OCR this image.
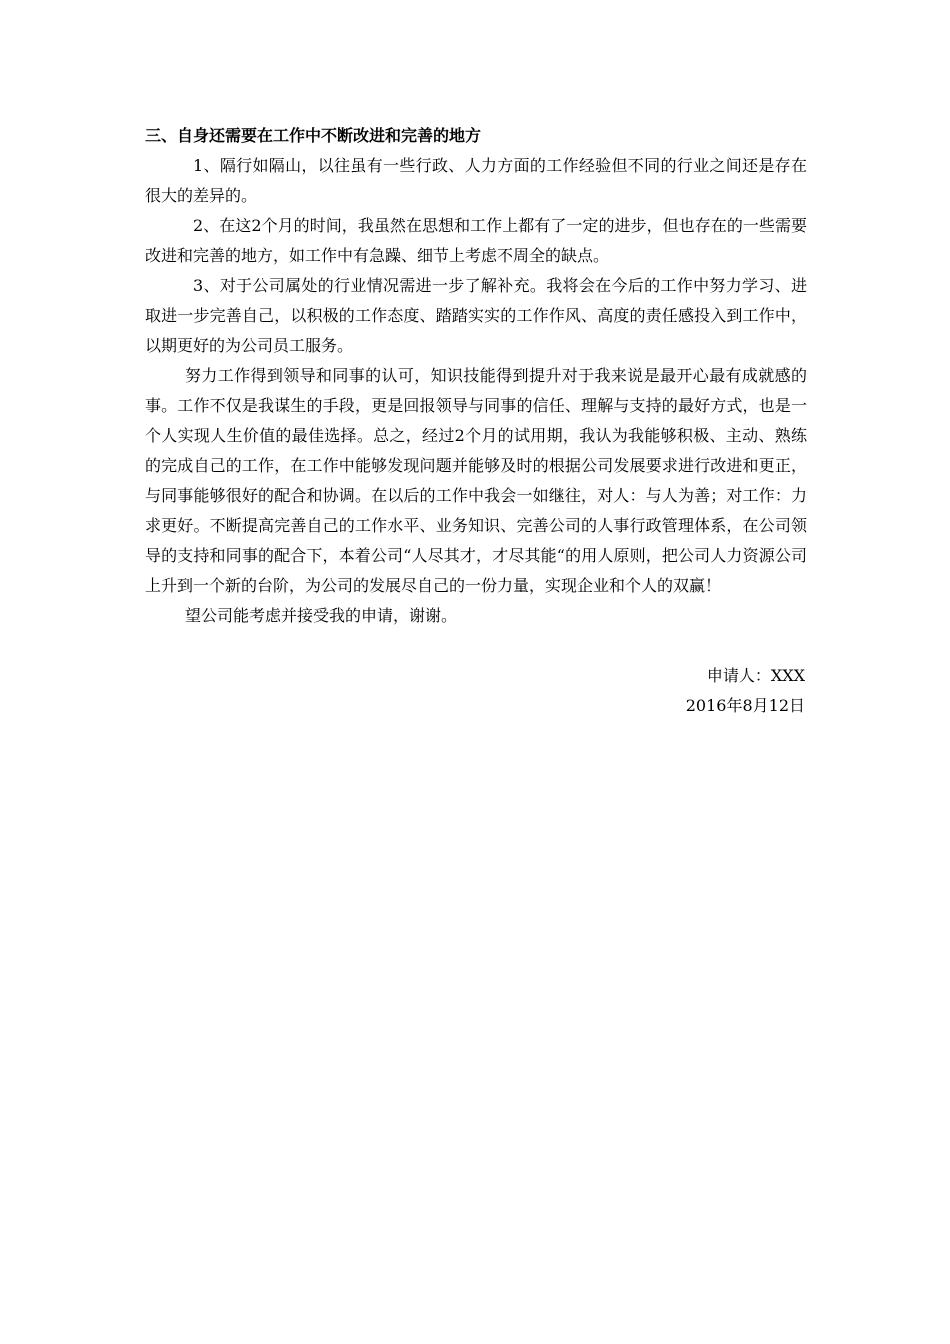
三、自身还需要在工作中不断改进和完善的地方

1、隔行如隔山，以往虽有一些行政、人力方面的工作经验但不同的行业之间还是存在很大的差异的。

2、在这2个月的时间，我虽然在思想和工作上都有了一定的进步，但也存在的一些需要改进和完善的地方，如工作中有急躁、细节上考虑不周全的缺点。

3、对于公司属处的行业情况需进一步了解补充。我将会在今后的工作中努力学习、进取进一步完善自己，以积极的工作态度、踏踏实实的工作作风、高度的责任感投入到工作中，以期更好的为公司员工服务。

努力工作得到领导和同事的认可，知识技能得到提升对于我来说是最开心最有成就感的事。工作不仅是我谋生的手段，更是回报领导与同事的信任、理解与支持的最好方式，也是一个人实现人生价值的最佳选择。总之，经过2个月的试用期，我认为我能够积极、主动、熟练的完成自己的工作，在工作中能够发现问题并能够及时的根据公司发展要求进行改进和更正，与同事能够很好的配合和协调。在以后的工作中我会一如继往，对人：与人为善；对工作：力求更好。不断提高完善自己的工作水平、业务知识、完善公司的人事行政管理体系，在公司领导的支持和同事的配合下，本着公司“人尽其才，才尽其能“的用人原则，把公司人力资源公司上升到一个新的台阶，为公司的发展尽自己的一份力量，实现企业和个人的双赢！

望公司能考虑并接受我的申请，谢谢。

申请人：XXX
2016年8月12日
